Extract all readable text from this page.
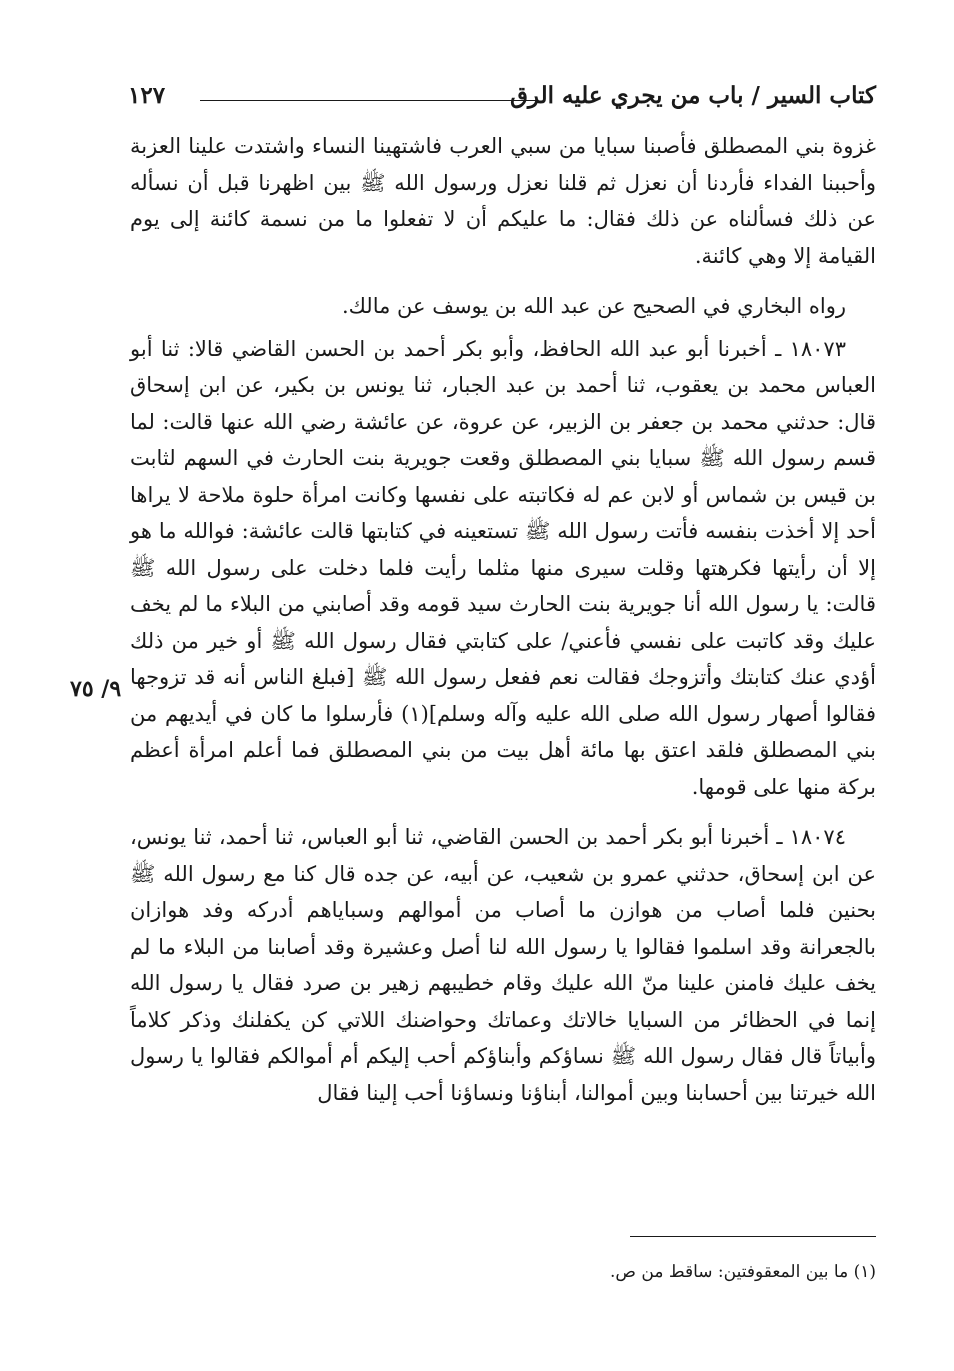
كتاب السير / باب من يجري عليه الرق
١٢٧

غزوة بني المصطلق فأصبنا سبايا من سبي العرب فاشتهينا النساء واشتدت علينا العزبة وأحببنا الفداء فأردنا أن نعزل ثم قلنا نعزل ورسول الله ﷺ بين اظهرنا قبل أن نسأله عن ذلك فسألناه عن ذلك فقال: ما عليكم أن لا تفعلوا ما من نسمة كائنة إلى يوم القيامة إلا وهي كائنة.

رواه البخاري في الصحيح عن عبد الله بن يوسف عن مالك.

١٨٠٧٣ ـ أخبرنا أبو عبد الله الحافظ، وأبو بكر أحمد بن الحسن القاضي قالا: ثنا أبو العباس محمد بن يعقوب، ثنا أحمد بن عبد الجبار، ثنا يونس بن بكير، عن ابن إسحاق قال: حدثني محمد بن جعفر بن الزبير، عن عروة، عن عائشة رضي الله عنها قالت: لما قسم رسول الله ﷺ سبايا بني المصطلق وقعت جويرية بنت الحارث في السهم لثابت بن قيس بن شماس أو لابن عم له فكاتبته على نفسها وكانت امرأة حلوة ملاحة لا يراها أحد إلا أخذت بنفسه فأتت رسول الله ﷺ تستعينه في كتابتها قالت عائشة: فوالله ما هو إلا أن رأيتها فكرهتها وقلت سيرى منها مثلما رأيت فلما دخلت على رسول الله ﷺ قالت: يا رسول الله أنا جويرية بنت الحارث سيد قومه وقد أصابني من البلاء ما لم يخف عليك وقد كاتبت على نفسي فأعني/ على كتابتي فقال رسول الله ﷺ أو خير من ذلك أؤدي عنك كتابتك وأتزوجك فقالت نعم ففعل رسول الله ﷺ [فبلغ الناس أنه قد تزوجها فقالوا أصهار رسول الله صلى الله عليه وآله وسلم](١) فأرسلوا ما كان في أيديهم من بني المصطلق فلقد اعتق بها مائة أهل بيت من بني المصطلق فما أعلم امرأة أعظم بركة منها على قومها.

١٨٠٧٤ ـ أخبرنا أبو بكر أحمد بن الحسن القاضي، ثنا أبو العباس، ثنا أحمد، ثنا يونس، عن ابن إسحاق، حدثني عمرو بن شعيب، عن أبيه، عن جده قال كنا مع رسول الله ﷺ بحنين فلما أصاب من هوازن ما أصاب من أموالهم وسباياهم أدركه وفد هوازان بالجعرانة وقد اسلموا فقالوا يا رسول الله لنا أصل وعشيرة وقد أصابنا من البلاء ما لم يخف عليك فامنن علينا منّ الله عليك وقام خطيبهم زهير بن صرد فقال يا رسول الله إنما في الحظائر من السبايا خالاتك وعماتك وحواضنك اللاتي كن يكفلنك وذكر كلاماً وأبياتاً قال فقال رسول الله ﷺ نساؤكم وأبناؤكم أحب إليكم أم أموالكم فقالوا يا رسول الله خيرتنا بين أحسابنا وبين أموالنا، أبناؤنا ونساؤنا أحب إلينا فقال

٩/ ٧٥
(١) ما بين المعقوفتين: ساقط من ص.
